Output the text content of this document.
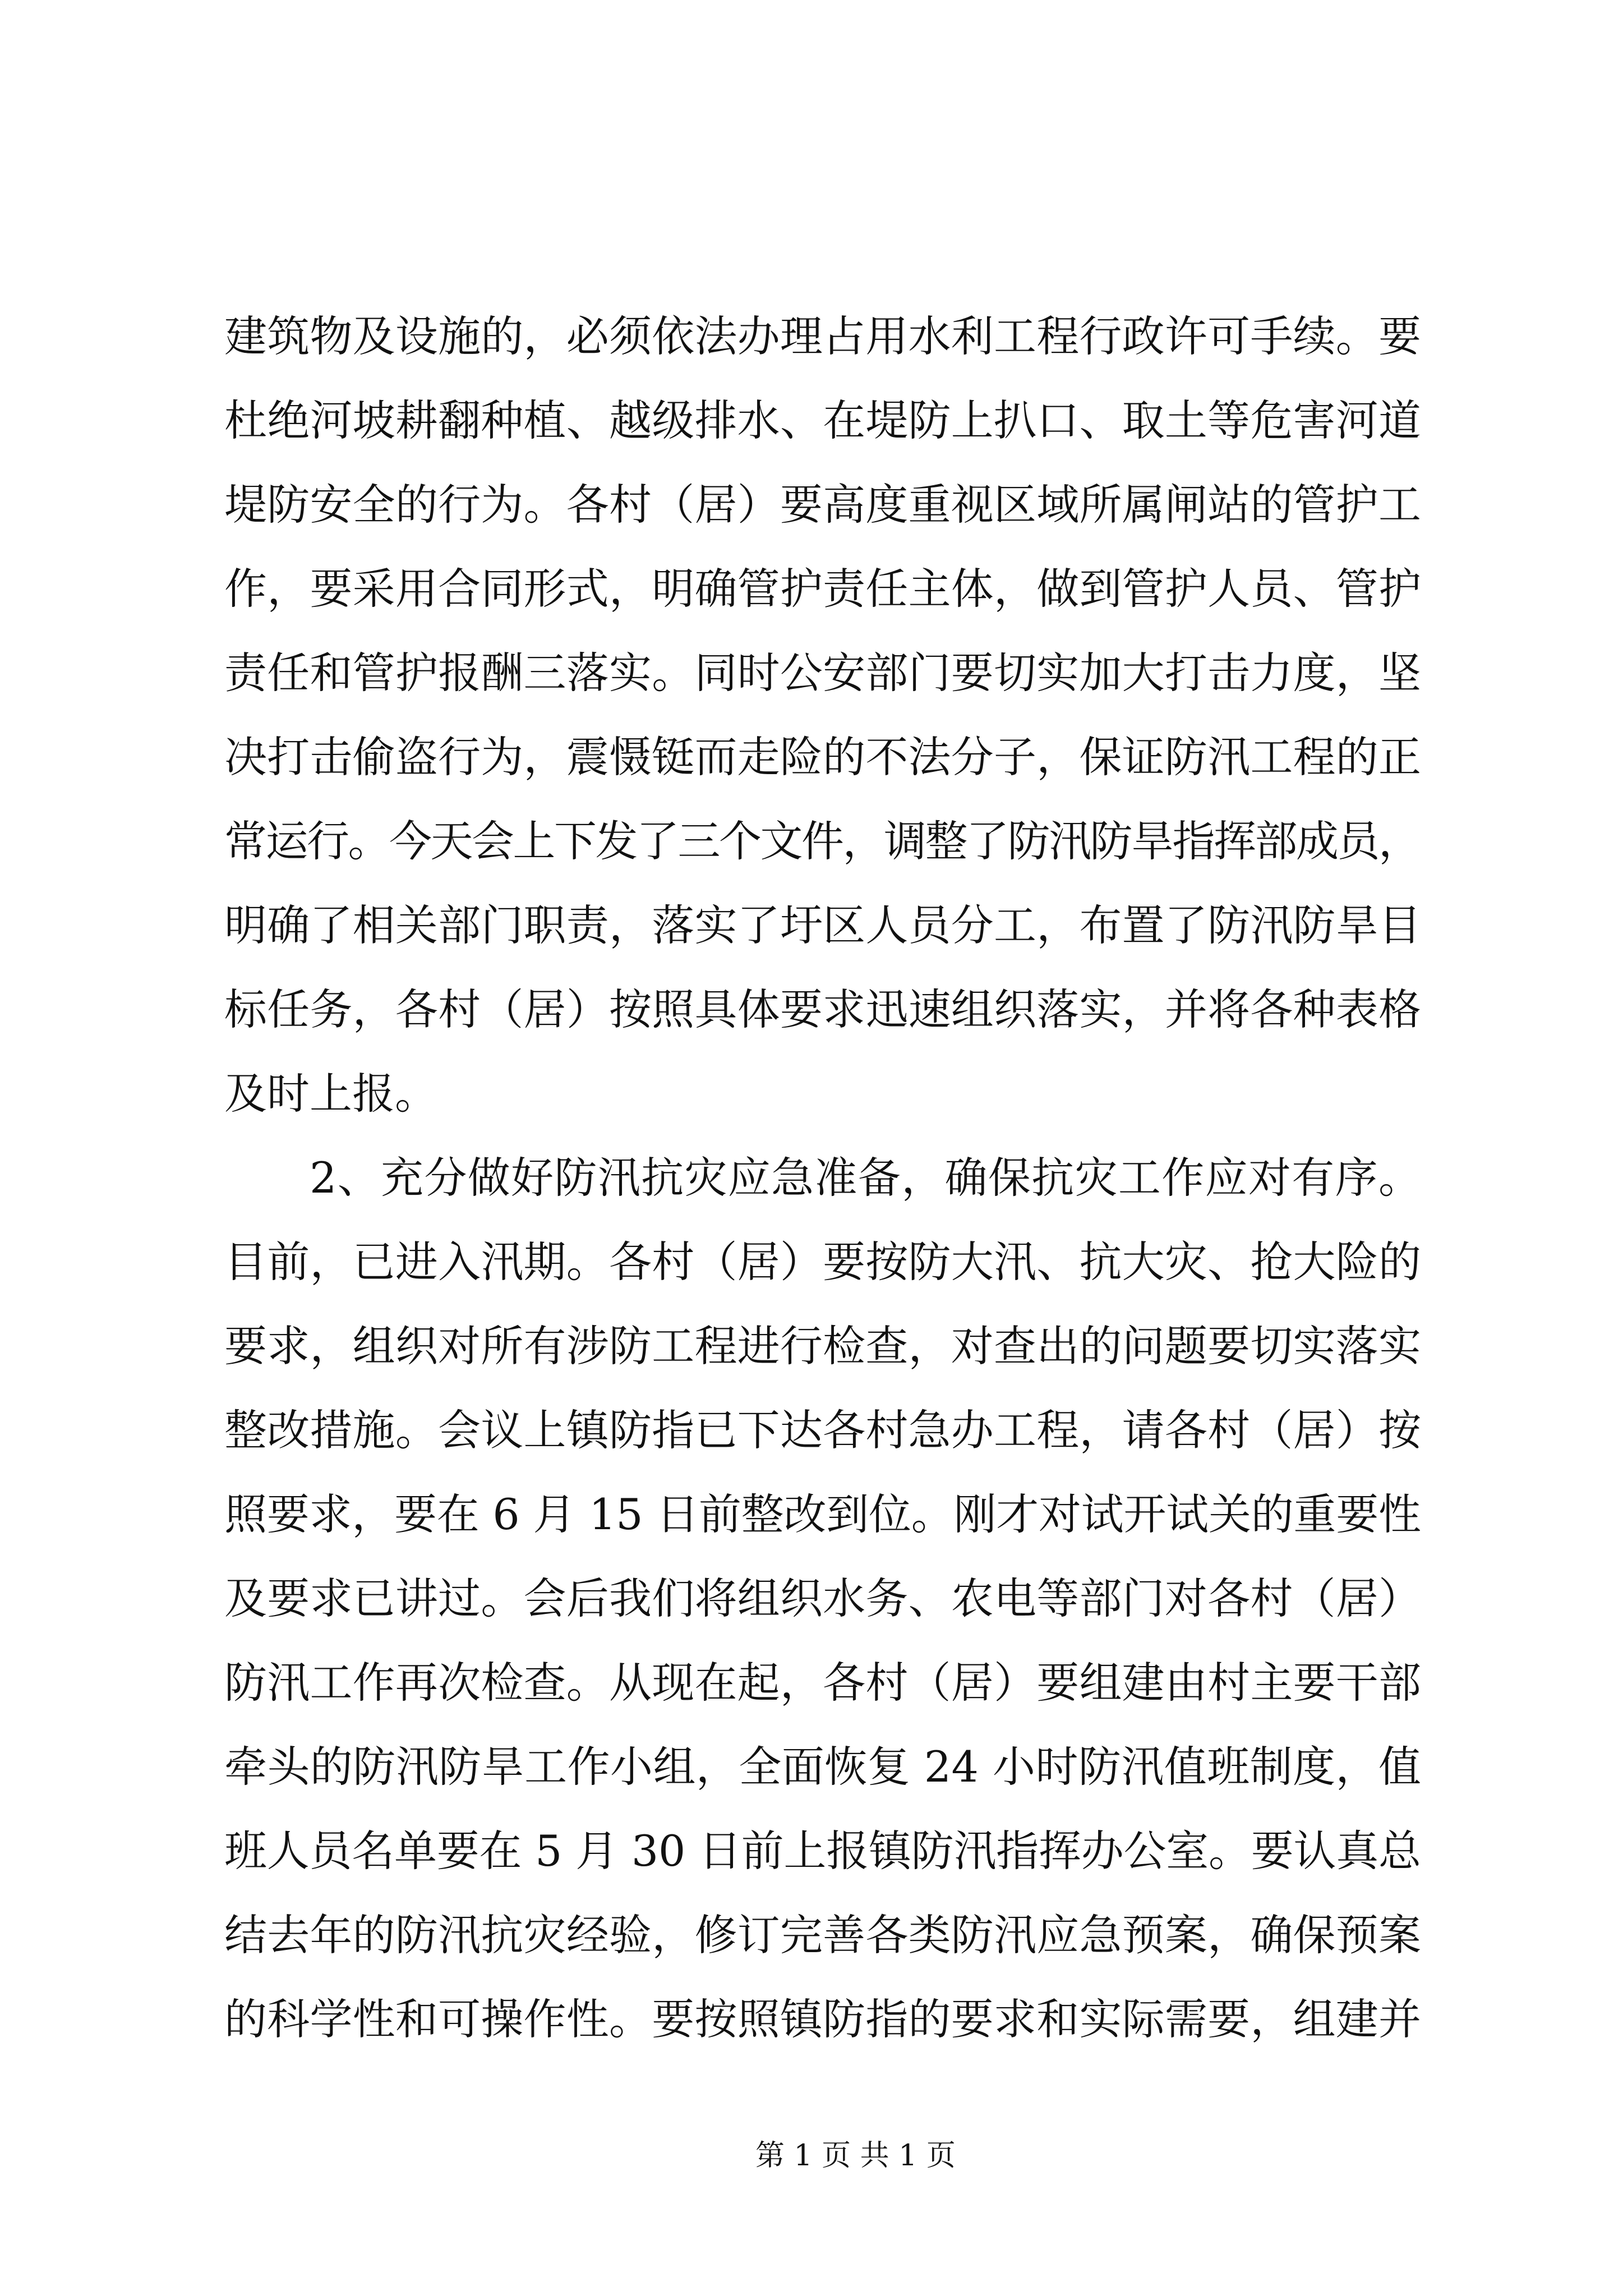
建筑物及设施的，必须依法办理占用水利工程行政许可手续。要
杜绝河坡耕翻种植、越级排水、在堤防上扒口、取土等危害河道
堤防安全的行为。各村（居）要高度重视区域所属闸站的管护工
作，要采用合同形式，明确管护责任主体，做到管护人员、管护
责任和管护报酬三落实。同时公安部门要切实加大打击力度，坚
决打击偷盗行为，震慑铤而走险的不法分子，保证防汛工程的正
常运行。今天会上下发了三个文件，调整了防汛防旱指挥部成员，
明确了相关部门职责，落实了圩区人员分工，布置了防汛防旱目
标任务，各村（居）按照具体要求迅速组织落实，并将各种表格
及时上报。
2、充分做好防汛抗灾应急准备，确保抗灾工作应对有序。
目前，已进入汛期。各村（居）要按防大汛、抗大灾、抢大险的
要求，组织对所有涉防工程进行检查，对查出的问题要切实落实
整改措施。会议上镇防指已下达各村急办工程，请各村（居）按
照要求，要在 6 月 15 日前整改到位。刚才对试开试关的重要性
及要求已讲过。会后我们将组织水务、农电等部门对各村（居）
防汛工作再次检查。从现在起，各村（居）要组建由村主要干部
牵头的防汛防旱工作小组，全面恢复 24 小时防汛值班制度，值
班人员名单要在 5 月 30 日前上报镇防汛指挥办公室。要认真总
结去年的防汛抗灾经验，修订完善各类防汛应急预案，确保预案
的科学性和可操作性。要按照镇防指的要求和实际需要，组建并
第 1 页 共 1 页
